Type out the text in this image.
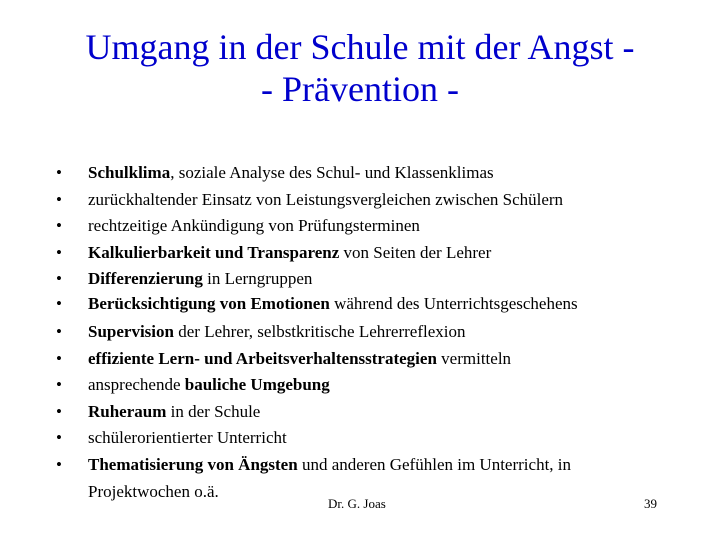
Umgang in der Schule mit der Angst -
- Prävention -
•	Schulklima, soziale Analyse des Schul- und Klassenklimas
•	zurückhaltender Einsatz von Leistungsvergleichen zwischen Schülern
•	rechtzeitige Ankündigung von Prüfungsterminen
•	Kalkulierbarkeit und Transparenz von Seiten der Lehrer
•	Differenzierung in Lerngruppen
•	Berücksichtigung von Emotionen während des Unterrichtsgeschehens
•	Supervision der Lehrer, selbstkritische Lehrerreflexion
•	effiziente Lern- und Arbeitsverhaltensstrategien vermitteln
•	ansprechende bauliche Umgebung
•	Ruheraum in der Schule
•	schülerorientierter Unterricht
•	Thematisierung von Ängsten und anderen Gefühlen im Unterricht, in Projektwochen o.ä.
Dr. G. Joas	39
